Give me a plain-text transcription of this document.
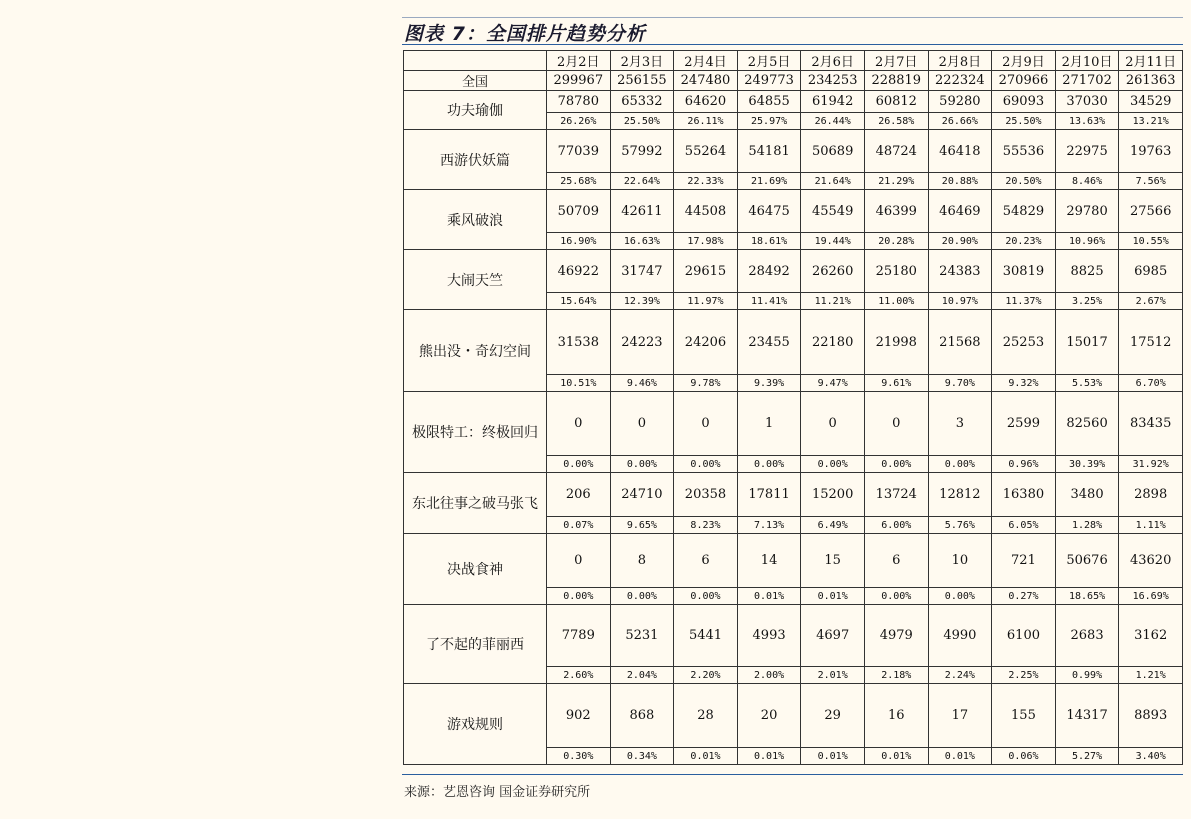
图表 7：全国排片趋势分析
	2月2日	2月3日	2月4日	2月5日	2月6日	2月7日	2月8日	2月9日	2月10日	2月11日
全国	299967	256155	247480	249773	234253	228819	222324	270966	271702	261363
功夫瑜伽	78780	65332	64620	64855	61942	60812	59280	69093	37030	34529
	26.26%	25.50%	26.11%	25.97%	26.44%	26.58%	26.66%	25.50%	13.63%	13.21%
西游伏妖篇	77039	57992	55264	54181	50689	48724	46418	55536	22975	19763
	25.68%	22.64%	22.33%	21.69%	21.64%	21.29%	20.88%	20.50%	8.46%	7.56%
乘风破浪	50709	42611	44508	46475	45549	46399	46469	54829	29780	27566
	16.90%	16.63%	17.98%	18.61%	19.44%	20.28%	20.90%	20.23%	10.96%	10.55%
大闹天竺	46922	31747	29615	28492	26260	25180	24383	30819	8825	6985
	15.64%	12.39%	11.97%	11.41%	11.21%	11.00%	10.97%	11.37%	3.25%	2.67%
熊出没・奇幻空间	31538	24223	24206	23455	22180	21998	21568	25253	15017	17512
	10.51%	9.46%	9.78%	9.39%	9.47%	9.61%	9.70%	9.32%	5.53%	6.70%
极限特工：终极回归	0	0	0	1	0	0	3	2599	82560	83435
	0.00%	0.00%	0.00%	0.00%	0.00%	0.00%	0.00%	0.96%	30.39%	31.92%
东北往事之破马张飞	206	24710	20358	17811	15200	13724	12812	16380	3480	2898
	0.07%	9.65%	8.23%	7.13%	6.49%	6.00%	5.76%	6.05%	1.28%	1.11%
决战食神	0	8	6	14	15	6	10	721	50676	43620
	0.00%	0.00%	0.00%	0.01%	0.01%	0.00%	0.00%	0.27%	18.65%	16.69%
了不起的菲丽西	7789	5231	5441	4993	4697	4979	4990	6100	2683	3162
	2.60%	2.04%	2.20%	2.00%	2.01%	2.18%	2.24%	2.25%	0.99%	1.21%
游戏规则	902	868	28	20	29	16	17	155	14317	8893
	0.30%	0.34%	0.01%	0.01%	0.01%	0.01%	0.01%	0.06%	5.27%	3.40%
来源：艺恩咨询 国金证券研究所
